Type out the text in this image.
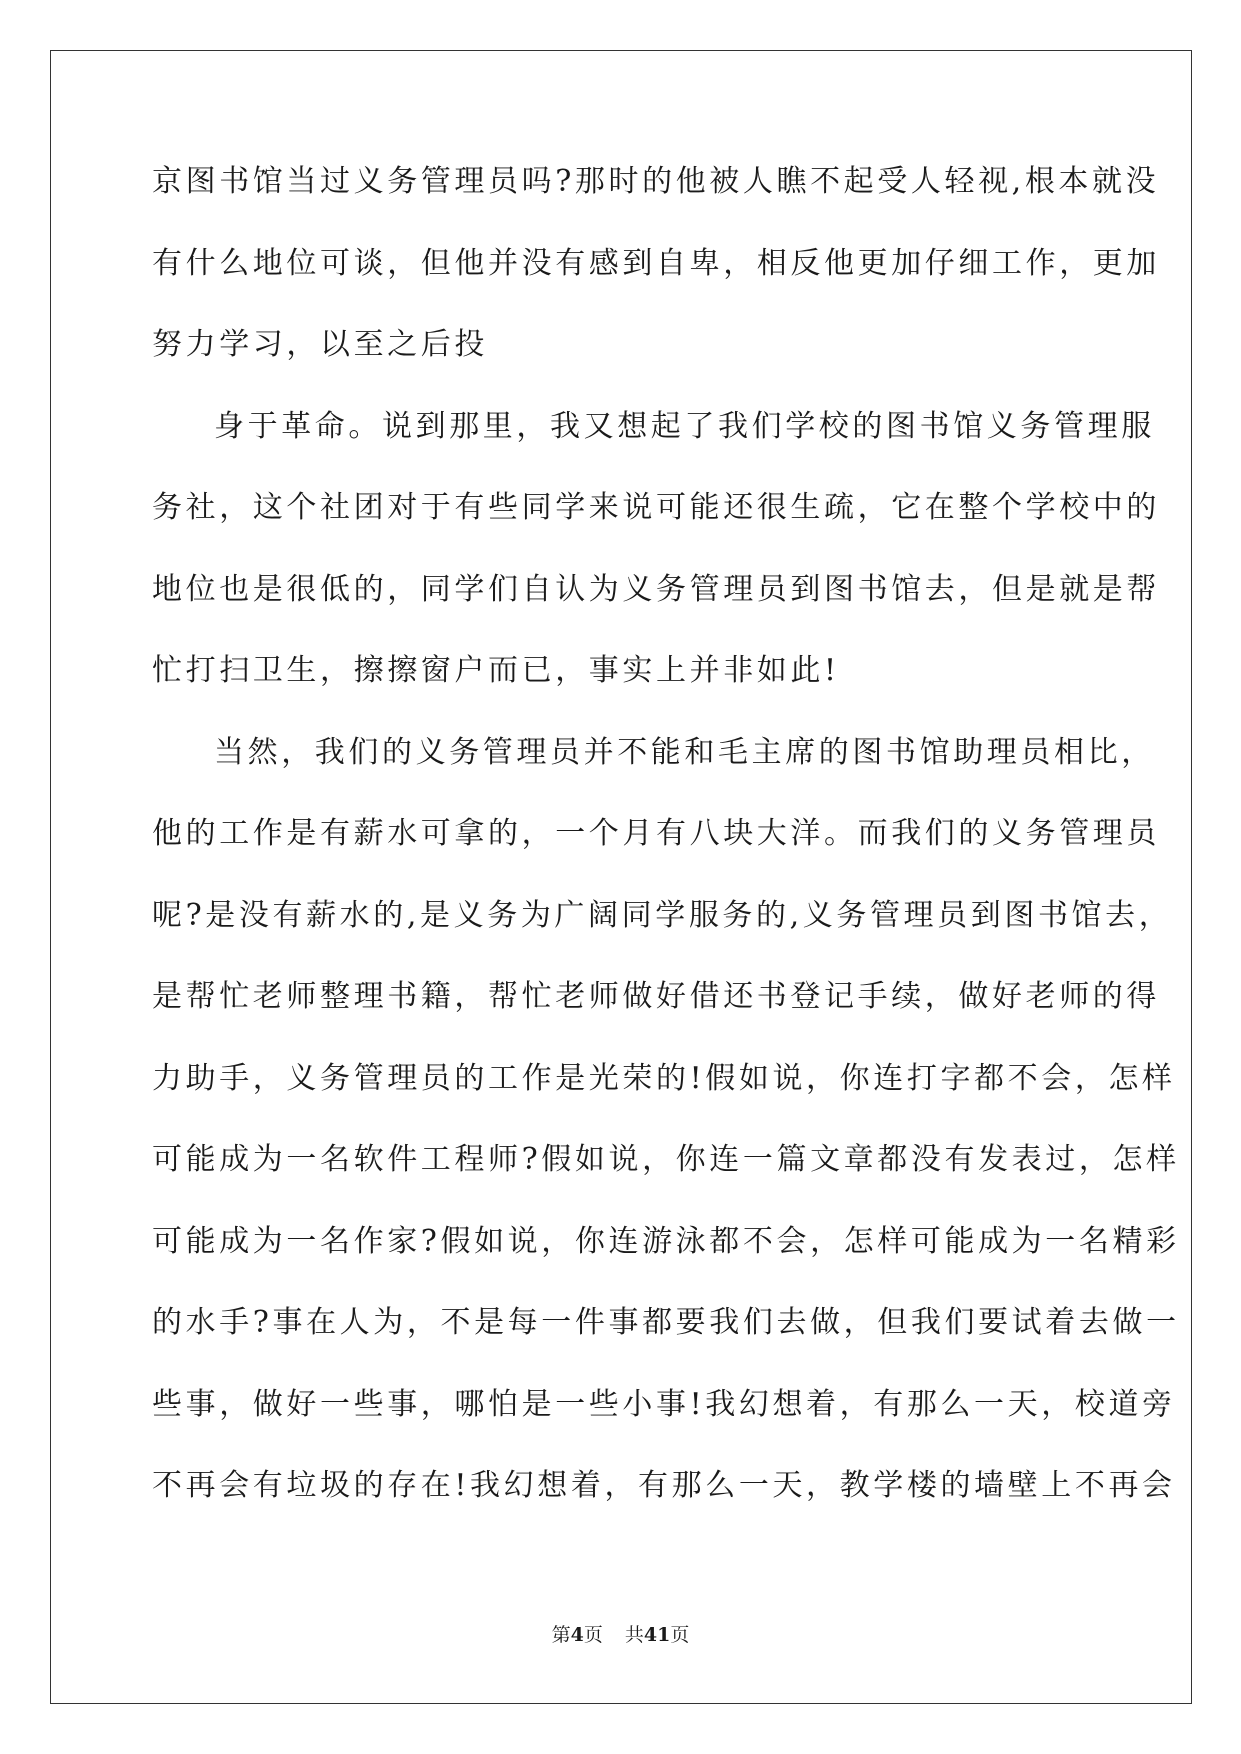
京图书馆当过义务管理员吗?那时的他被人瞧不起受人轻视,根本就没
有什么地位可谈，但他并没有感到自卑，相反他更加仔细工作，更加
努力学习，以至之后投
身于革命。说到那里，我又想起了我们学校的图书馆义务管理服
务社，这个社团对于有些同学来说可能还很生疏，它在整个学校中的
地位也是很低的，同学们自认为义务管理员到图书馆去，但是就是帮
忙打扫卫生，擦擦窗户而已，事实上并非如此!
当然，我们的义务管理员并不能和毛主席的图书馆助理员相比，
他的工作是有薪水可拿的，一个月有八块大洋。而我们的义务管理员
呢?是没有薪水的,是义务为广阔同学服务的,义务管理员到图书馆去，
是帮忙老师整理书籍，帮忙老师做好借还书登记手续，做好老师的得
力助手，义务管理员的工作是光荣的!假如说，你连打字都不会，怎样
可能成为一名软件工程师?假如说，你连一篇文章都没有发表过，怎样
可能成为一名作家?假如说，你连游泳都不会，怎样可能成为一名精彩
的水手?事在人为，不是每一件事都要我们去做，但我们要试着去做一
些事，做好一些事，哪怕是一些小事!我幻想着，有那么一天，校道旁
不再会有垃圾的存在!我幻想着，有那么一天，教学楼的墙壁上不再会
第4页 共41页
